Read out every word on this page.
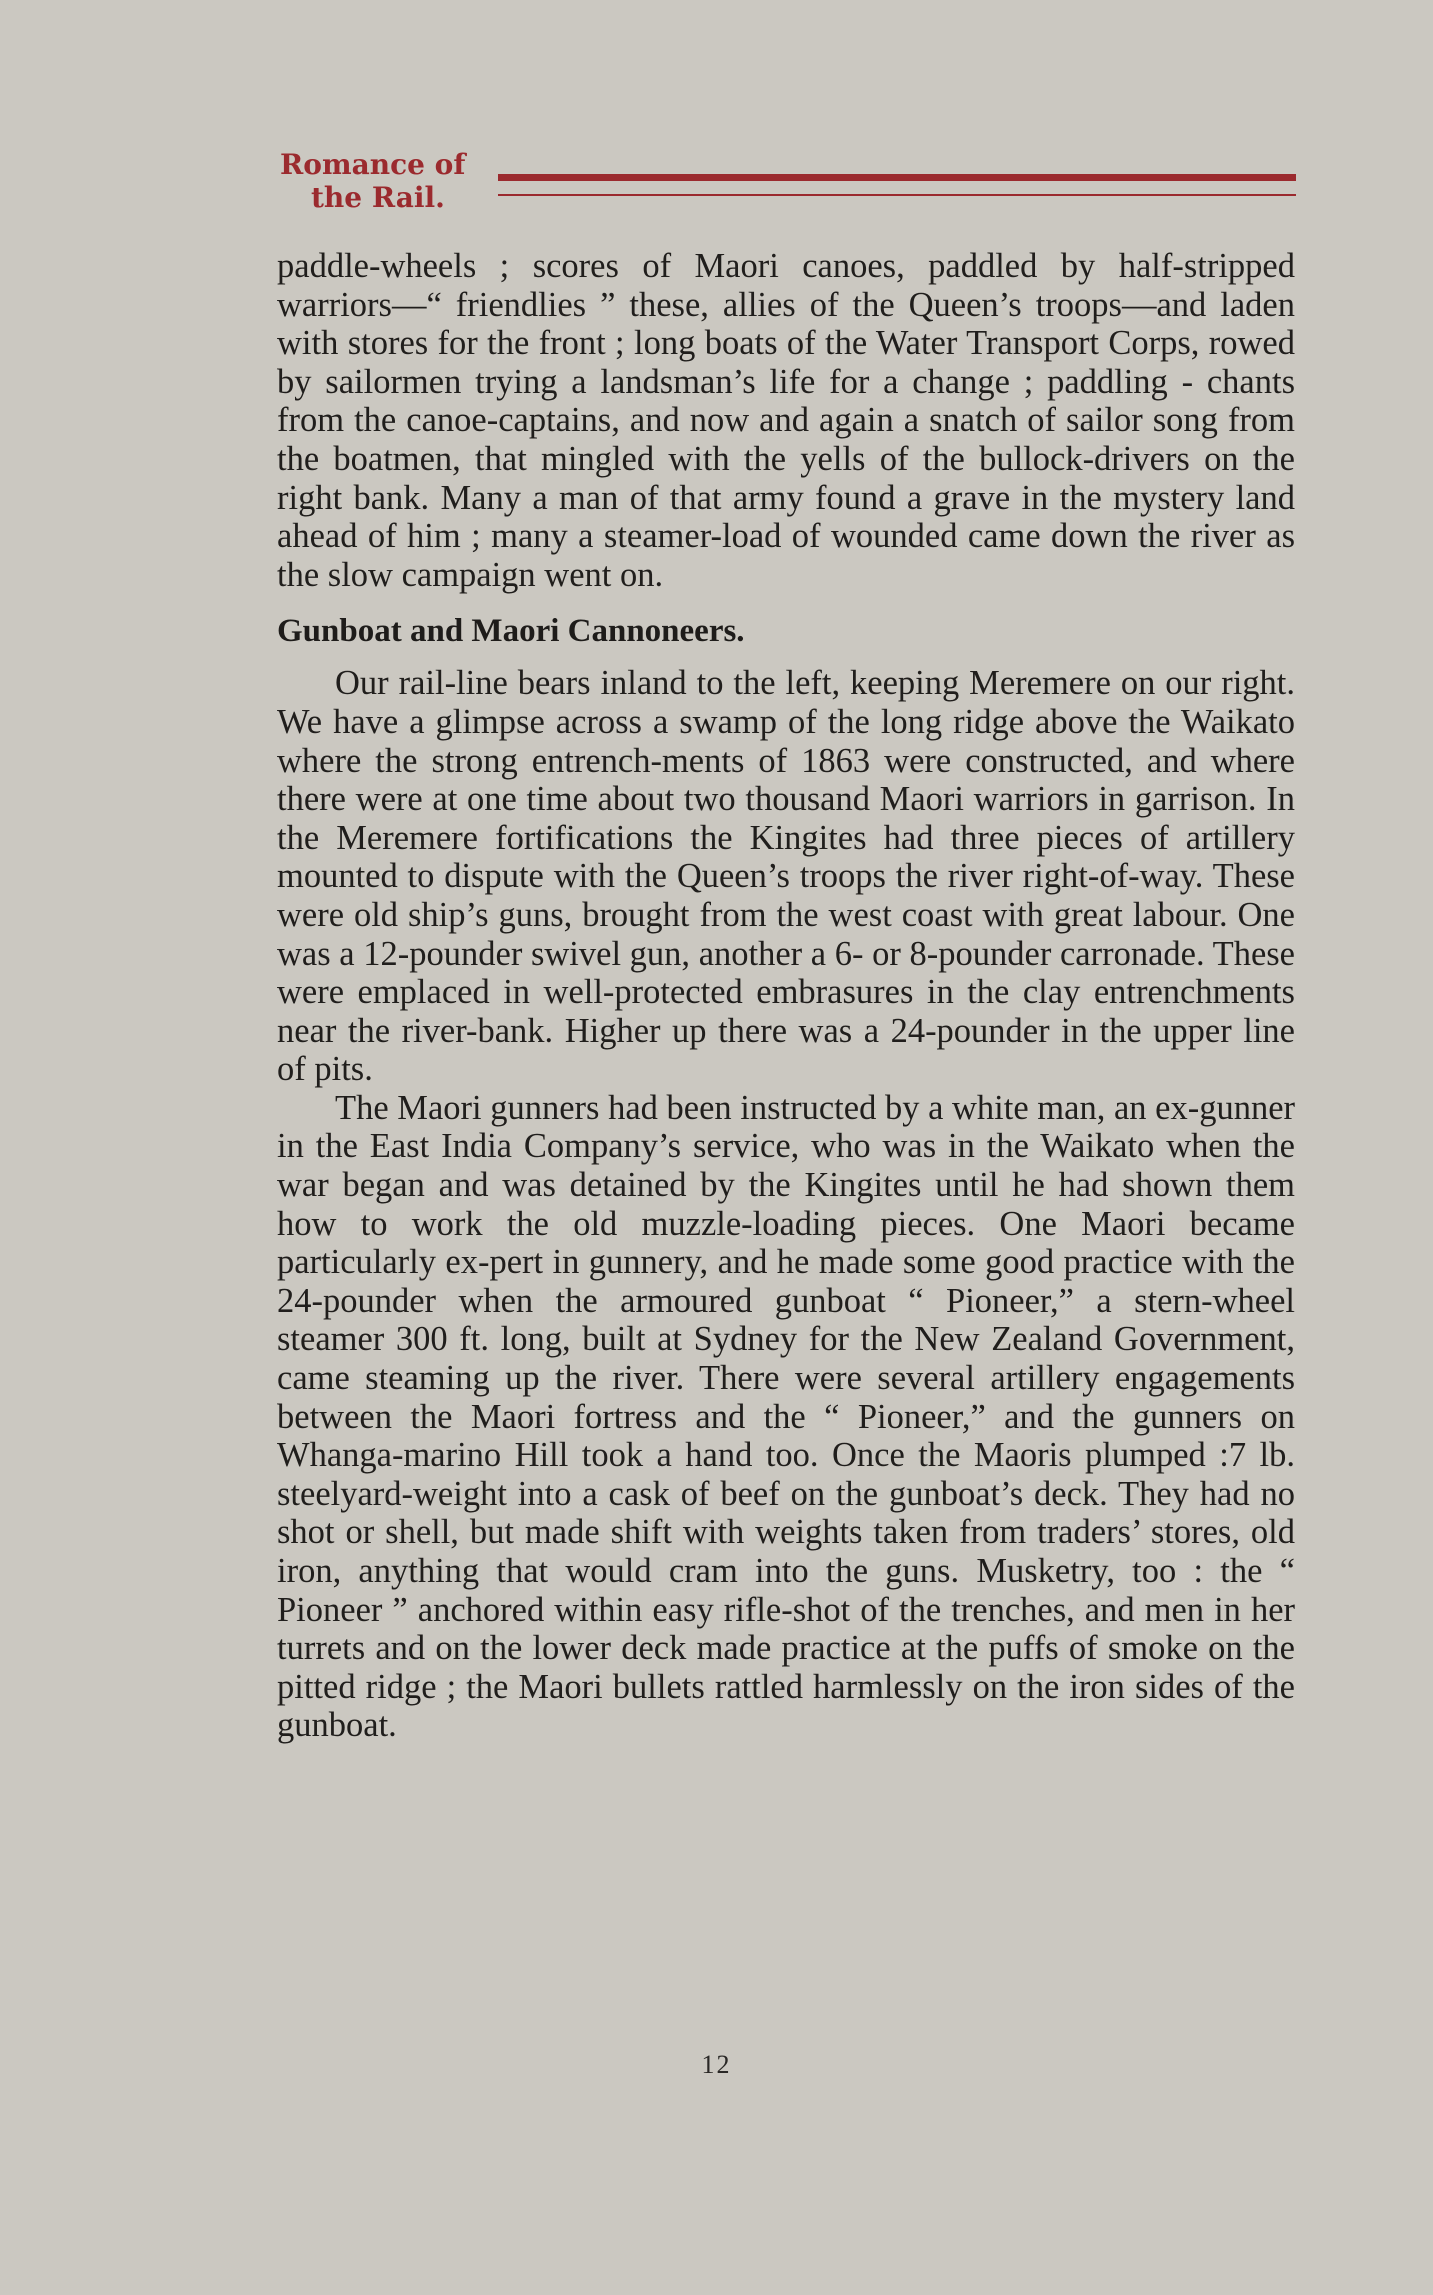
Romance of
the Rail.

paddle-wheels ; scores of Maori canoes, paddled by half-stripped warriors—“ friendlies ” these, allies of the Queen’s troops—and laden with stores for the front ; long boats of the Water Transport Corps, rowed by sailormen trying a landsman’s life for a change ; paddling - chants from the canoe-captains, and now and again a snatch of sailor song from the boatmen, that mingled with the yells of the bullock-drivers on the right bank. Many a man of that army found a grave in the mystery land ahead of him ; many a steamer-load of wounded came down the river as the slow campaign went on.

Gunboat and Maori Cannoneers.

Our rail-line bears inland to the left, keeping Meremere on our right. We have a glimpse across a swamp of the long ridge above the Waikato where the strong entrench-ments of 1863 were constructed, and where there were at one time about two thousand Maori warriors in garrison. In the Meremere fortifications the Kingites had three pieces of artillery mounted to dispute with the Queen’s troops the river right-of-way. These were old ship’s guns, brought from the west coast with great labour. One was a 12-pounder swivel gun, another a 6- or 8-pounder carronade. These were emplaced in well-protected embrasures in the clay entrenchments near the river-bank. Higher up there was a 24-pounder in the upper line of pits.

The Maori gunners had been instructed by a white man, an ex-gunner in the East India Company’s service, who was in the Waikato when the war began and was detained by the Kingites until he had shown them how to work the old muzzle-loading pieces. One Maori became particularly ex-pert in gunnery, and he made some good practice with the 24-pounder when the armoured gunboat “ Pioneer,” a stern-wheel steamer 300 ft. long, built at Sydney for the New Zealand Government, came steaming up the river. There were several artillery engagements between the Maori fortress and the “ Pioneer,” and the gunners on Whanga-marino Hill took a hand too. Once the Maoris plumped :7 lb. steelyard-weight into a cask of beef on the gunboat’s deck. They had no shot or shell, but made shift with weights taken from traders’ stores, old iron, anything that would cram into the guns. Musketry, too : the “ Pioneer ” anchored within easy rifle-shot of the trenches, and men in her turrets and on the lower deck made practice at the puffs of smoke on the pitted ridge ; the Maori bullets rattled harmlessly on the iron sides of the gunboat.

12
